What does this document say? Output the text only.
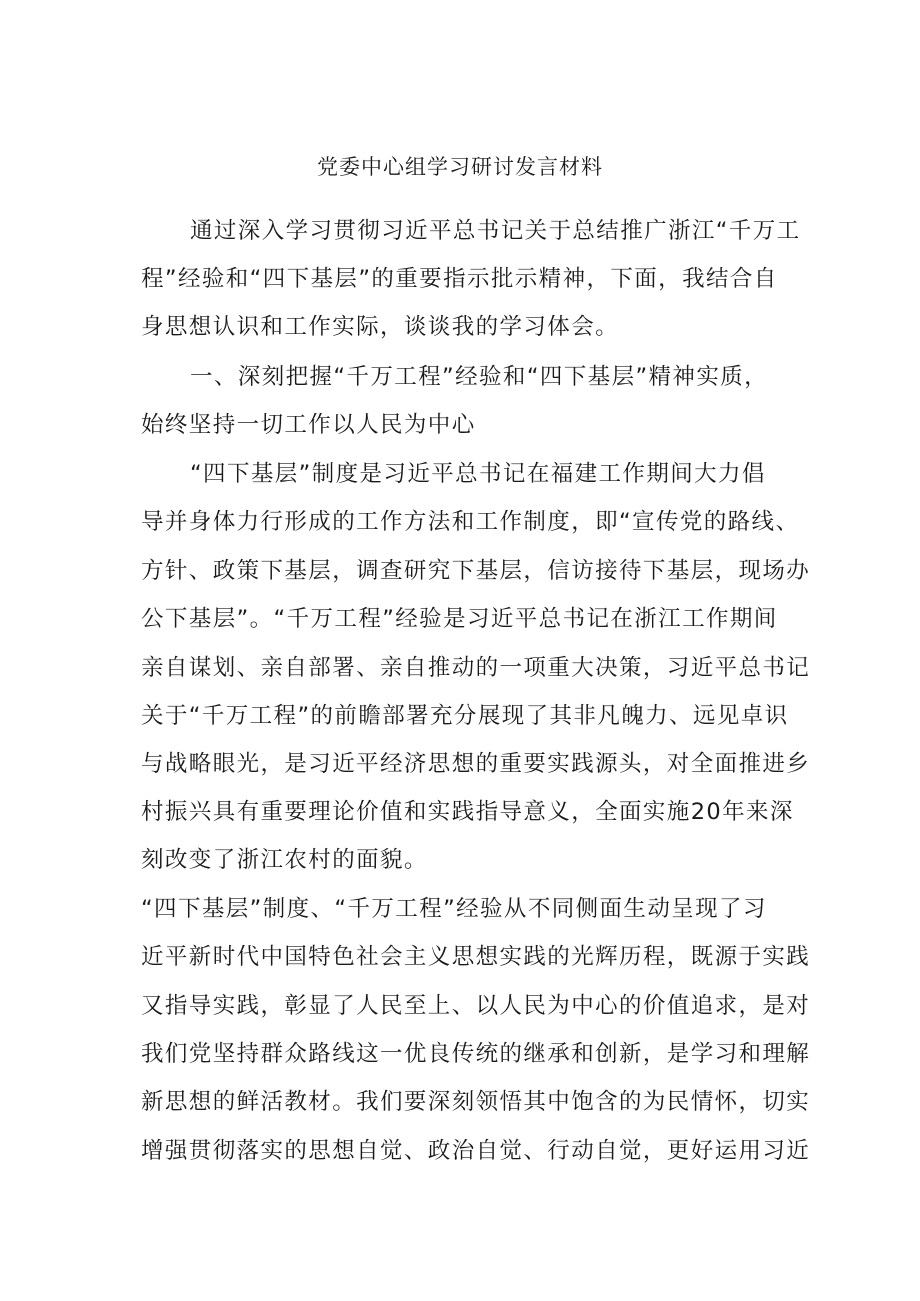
党委中心组学习研讨发言材料
通过深入学习贯彻习近平总书记关于总结推广浙江“千万工
程”经验和“四下基层”的重要指示批示精神，下面，我结合自
身思想认识和工作实际，谈谈我的学习体会。
一、深刻把握“千万工程”经验和“四下基层”精神实质，
始终坚持一切工作以人民为中心
“四下基层”制度是习近平总书记在福建工作期间大力倡
导并身体力行形成的工作方法和工作制度，即“宣传党的路线、
方针、政策下基层，调查研究下基层，信访接待下基层，现场办
公下基层”。“千万工程”经验是习近平总书记在浙江工作期间
亲自谋划、亲自部署、亲自推动的一项重大决策，习近平总书记
关于“千万工程”的前瞻部署充分展现了其非凡魄力、远见卓识
与战略眼光，是习近平经济思想的重要实践源头，对全面推进乡
村振兴具有重要理论价值和实践指导意义，全面实施20年来深
刻改变了浙江农村的面貌。
“四下基层”制度、“千万工程”经验从不同侧面生动呈现了习
近平新时代中国特色社会主义思想实践的光辉历程，既源于实践
又指导实践，彰显了人民至上、以人民为中心的价值追求，是对
我们党坚持群众路线这一优良传统的继承和创新，是学习和理解
新思想的鲜活教材。我们要深刻领悟其中饱含的为民情怀，切实
增强贯彻落实的思想自觉、政治自觉、行动自觉，更好运用习近
